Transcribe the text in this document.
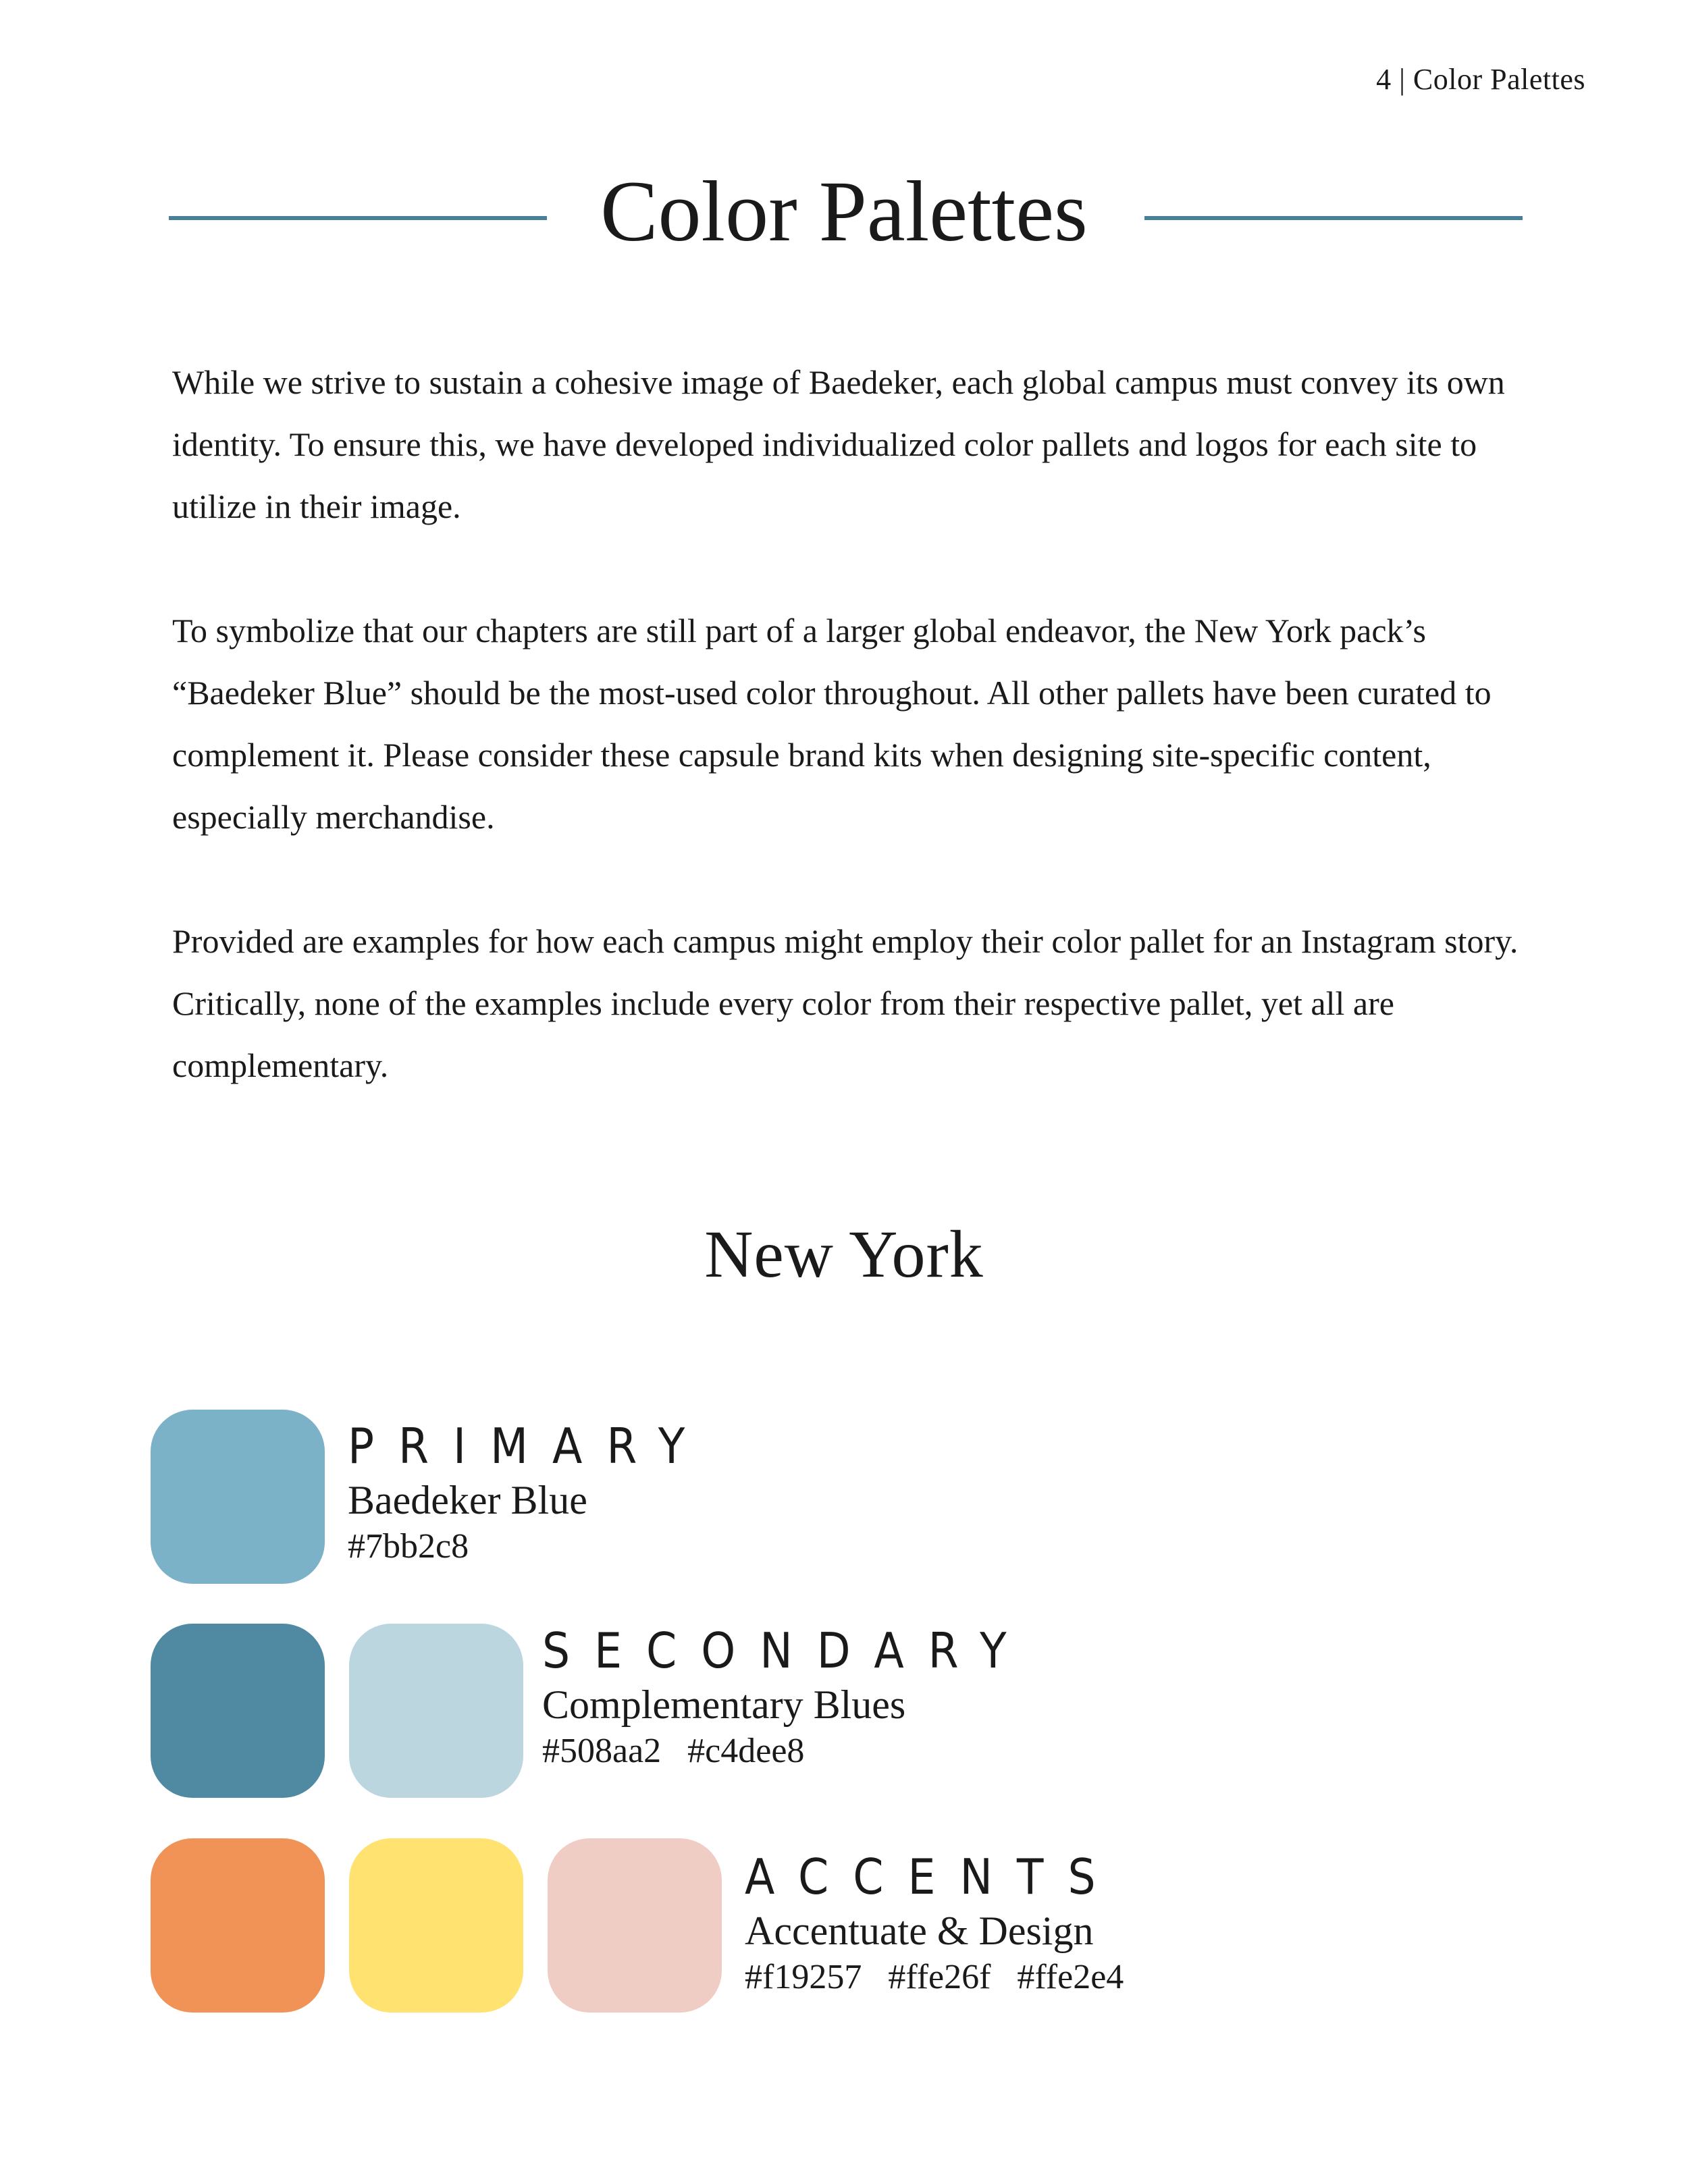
4 | Color Palettes
Color Palettes

While we strive to sustain a cohesive image of Baedeker, each global campus must convey its own identity. To ensure this, we have developed individualized color pallets and logos for each site to utilize in their image.

To symbolize that our chapters are still part of a larger global endeavor, the New York pack’s “Baedeker Blue” should be the most-used color throughout. All other pallets have been curated to complement it. Please consider these capsule brand kits when designing site-specific content, especially merchandise.

Provided are examples for how each campus might employ their color pallet for an Instagram story. Critically, none of the examples include every color from their respective pallet, yet all are complementary.

New York
PRIMARY
Baedeker Blue
#7bb2c8
SECONDARY
Complementary Blues
#508aa2 #c4dee8
ACCENTS
Accentuate & Design
#f19257 #ffe26f #ffe2e4
